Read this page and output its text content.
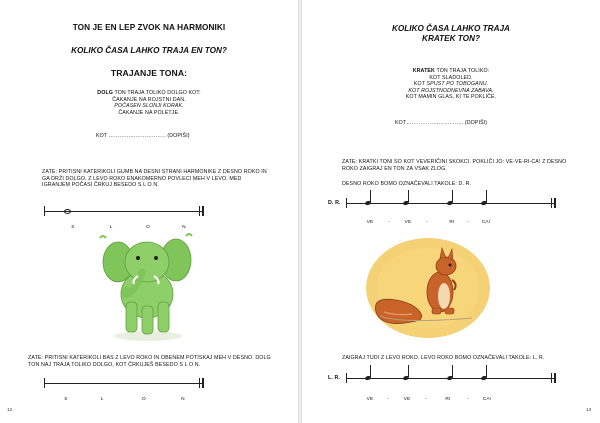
TON JE EN LEP ZVOK NA HARMONIKI
KOLIKO ČASA LAHKO TRAJA EN TON?
TRAJANJE TONA:
DOLG TON TRAJA TOLIKO DOLGO KOT:
ČAKANJE NA ROJSTNI DAN.
POČASEN SLONJI KORAK.
ČAKANJE NA POLETJE.
KOT ………………………….. (DOPIŠI)
ZATE: PRITISNI KATERIKOLI GUMB NA DESNI STRANI HARMONIKE Z DESNO ROKO IN GA DRŽI DOLGO. Z LEVO ROKO ENAKOMERNO POVLECI MEH V LEVO. MED IGRANJEM POČASI ČRKUJ BESEDO S L O N.
S	L	O	N
ZATE: PRITISNI KATERIKOLI BAS Z LEVO ROKO IN OBENEM POTISKAJ MEH V DESNO. DOLG TON NAJ TRAJA TOLIKO DOLGO, KOT ČRKUJEŠ BESEDO S L O N.
S	L	O	N
12
KOLIKO ČASA LAHKO TRAJA
KRATEK TON?
KRATEK TON TRAJA TOLIKO:
KOT SLADOLED.
KOT SPUST PO TOBOGANU.
KOT ROJSTNODNEVNA ZABAVA.
KOT MAMIN GLAS, KI TE POKLIČE.
KOT………………………….. (DOPIŠI)
ZATE: KRATKI TONI SO KOT VEVERIČINI SKOKCI. POKLIČI JO: VE-VE-RI-CA! Z DESNO ROKO ZAIGRAJ EN TON ZA VSAK ZLOG.
DESNO ROKO BOMO OZNAČEVALI TAKOLE: D. R.
D. R.
VE	-	VE	-	RI	-	CA!
ZAIGRAJ TUDI Z LEVO ROKO. LEVO ROKO BOMO OZNAČEVALI TAKOLE: L. R.
L. R.
VE	-	VE	-	RI	-	CA!
13
